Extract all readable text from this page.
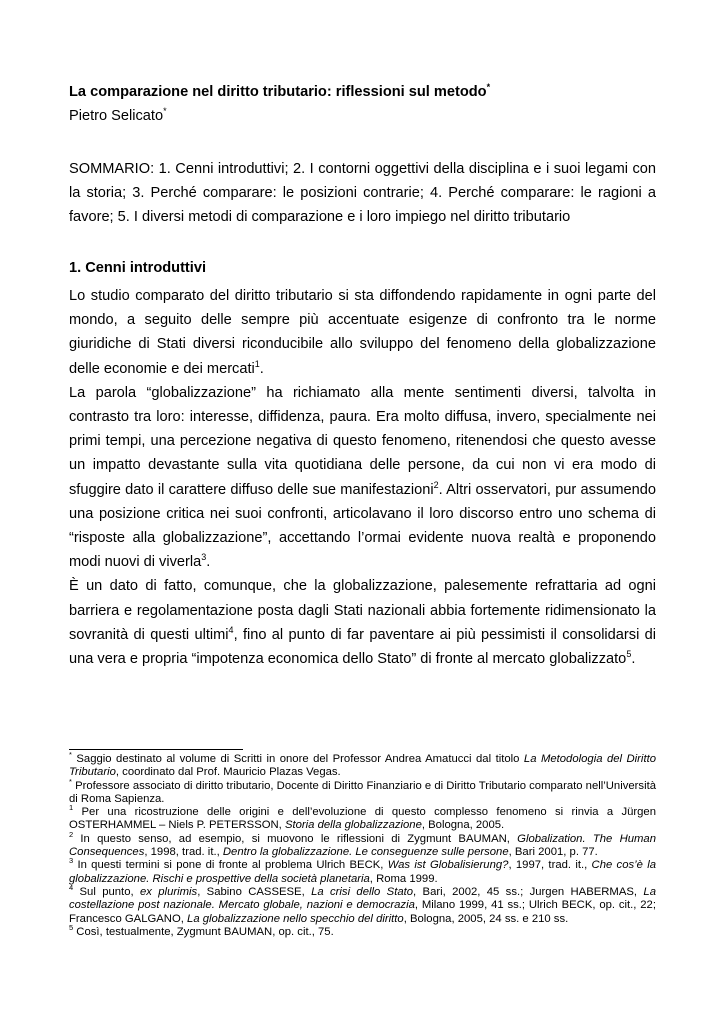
La comparazione nel diritto tributario: riflessioni sul metodo*
Pietro Selicato*

SOMMARIO: 1. Cenni introduttivi; 2. I contorni oggettivi della disciplina e i suoi legami con la storia; 3. Perché comparare: le posizioni contrarie; 4. Perché comparare: le ragioni a favore; 5. I diversi metodi di comparazione e i loro impiego nel diritto tributario

1. Cenni introduttivi

Lo studio comparato del diritto tributario si sta diffondendo rapidamente in ogni parte del mondo, a seguito delle sempre più accentuate esigenze di confronto tra le norme giuridiche di Stati diversi riconducibile allo sviluppo del fenomeno della globalizzazione delle economie e dei mercati$^1$.

La parola “globalizzazione” ha richiamato alla mente sentimenti diversi, talvolta in contrasto tra loro: interesse, diffidenza, paura. Era molto diffusa, invero, specialmente nei primi tempi, una percezione negativa di questo fenomeno, ritenendosi che questo avesse un impatto devastante sulla vita quotidiana delle persone, da cui non vi era modo di sfuggire dato il carattere diffuso delle sue manifestazioni$^2$. Altri osservatori, pur assumendo una posizione critica nei suoi confronti, articolavano il loro discorso entro uno schema di “risposte alla globalizzazione”, accettando l’ormai evidente nuova realtà e proponendo modi nuovi di viverla$^3$.

È un dato di fatto, comunque, che la globalizzazione, palesemente refrattaria ad ogni barriera e regolamentazione posta dagli Stati nazionali abbia fortemente ridimensionato la sovranità di questi ultimi$^4$, fino al punto di far paventare ai più pessimisti il consolidarsi di una vera e propria “impotenza economica dello Stato” di fronte al mercato globalizzato$^5$.

* Saggio destinato al volume di Scritti in onore del Professor Andrea Amatucci dal titolo La Metodologia del Diritto Tributario, coordinato dal Prof. Mauricio Plazas Vegas.

* Professore associato di diritto tributario, Docente di Diritto Finanziario e di Diritto Tributario comparato nell’Università di Roma Sapienza.

$^1$ Per una ricostruzione delle origini e dell’evoluzione di questo complesso fenomeno si rinvia a Jürgen OSTERHAMMEL – Niels P. PETERSSON, Storia della globalizzazione, Bologna, 2005.

$^2$ In questo senso, ad esempio, si muovono le riflessioni di Zygmunt BAUMAN, Globalization. The Human Consequences, 1998, trad. it., Dentro la globalizzazione. Le conseguenze sulle persone, Bari 2001, p. 77.

$^3$ In questi termini si pone di fronte al problema Ulrich BECK, Was ist Globalisierung?, 1997, trad. it., Che cos’è la globalizzazione. Rischi e prospettive della società planetaria, Roma 1999.

$^4$ Sul punto, ex plurimis, Sabino CASSESE, La crisi dello Stato, Bari, 2002, 45 ss.; Jurgen HABERMAS, La costellazione post nazionale. Mercato globale, nazioni e democrazia, Milano 1999, 41 ss.; Ulrich BECK, op. cit., 22; Francesco GALGANO, La globalizzazione nello specchio del diritto, Bologna, 2005, 24 ss. e 210 ss.

$^5$ Così, testualmente, Zygmunt BAUMAN, op. cit., 75.
